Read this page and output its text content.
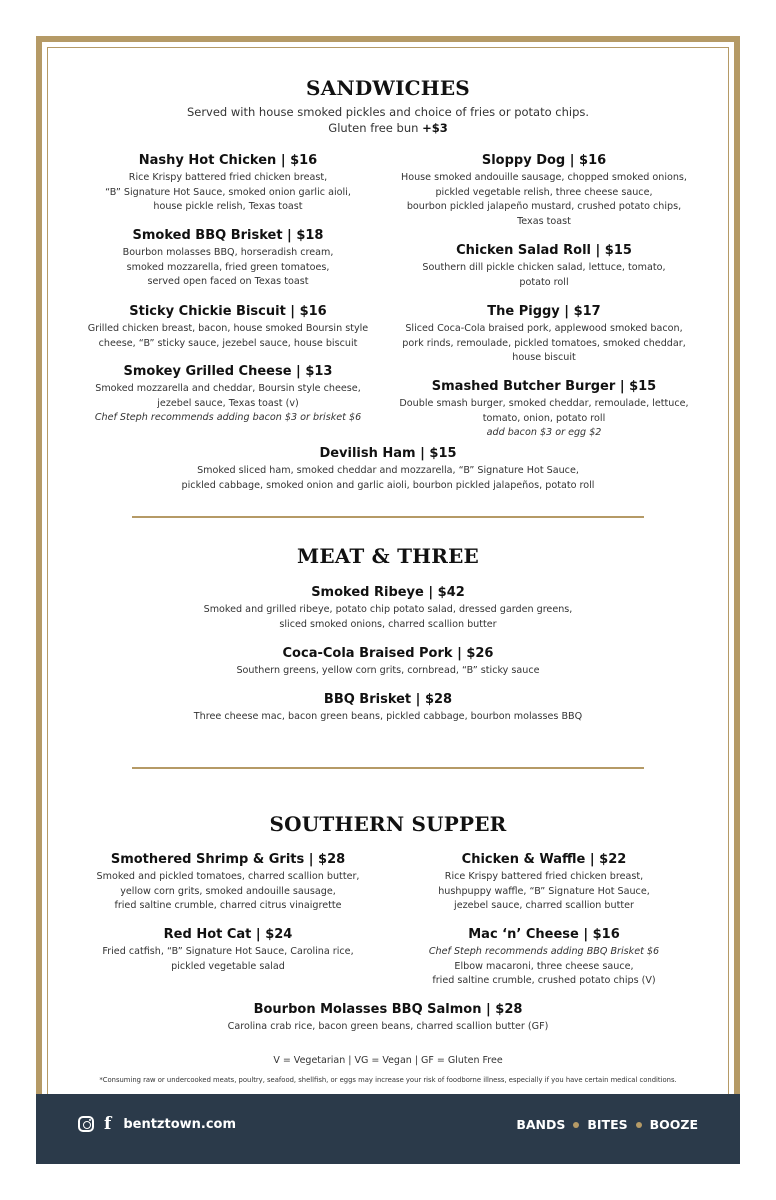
SANDWICHES
Served with house smoked pickles and choice of fries or potato chips.
Gluten free bun +$3
Nashy Hot Chicken | $16
Rice Krispy battered fried chicken breast,
“B” Signature Hot Sauce, smoked onion garlic aioli,
house pickle relish, Texas toast
Sloppy Dog | $16
House smoked andouille sausage, chopped smoked onions,
pickled vegetable relish, three cheese sauce,
bourbon pickled jalapeño mustard, crushed potato chips,
Texas toast
Smoked BBQ Brisket | $18
Bourbon molasses BBQ, horseradish cream,
smoked mozzarella, fried green tomatoes,
served open faced on Texas toast
Chicken Salad Roll | $15
Southern dill pickle chicken salad, lettuce, tomato,
potato roll
Sticky Chickie Biscuit | $16
Grilled chicken breast, bacon, house smoked Boursin style
cheese, “B” sticky sauce, jezebel sauce, house biscuit
The Piggy | $17
Sliced Coca-Cola braised pork, applewood smoked bacon,
pork rinds, remoulade, pickled tomatoes, smoked cheddar,
house biscuit
Smokey Grilled Cheese | $13
Smoked mozzarella and cheddar, Boursin style cheese,
jezebel sauce, Texas toast (v)
Chef Steph recommends adding bacon $3 or brisket $6
Smashed Butcher Burger | $15
Double smash burger, smoked cheddar, remoulade, lettuce,
tomato, onion, potato roll
add bacon $3 or egg $2
Devilish Ham | $15
Smoked sliced ham, smoked cheddar and mozzarella, “B” Signature Hot Sauce,
pickled cabbage, smoked onion and garlic aioli, bourbon pickled jalapeños, potato roll
MEAT & THREE
Smoked Ribeye | $42
Smoked and grilled ribeye, potato chip potato salad, dressed garden greens,
sliced smoked onions, charred scallion butter
Coca-Cola Braised Pork | $26
Southern greens, yellow corn grits, cornbread, “B” sticky sauce
BBQ Brisket | $28
Three cheese mac, bacon green beans, pickled cabbage, bourbon molasses BBQ
SOUTHERN SUPPER
Smothered Shrimp & Grits | $28
Smoked and pickled tomatoes, charred scallion butter,
yellow corn grits, smoked andouille sausage,
fried saltine crumble, charred citrus vinaigrette
Chicken & Waffle | $22
Rice Krispy battered fried chicken breast,
hushpuppy waffle, “B” Signature Hot Sauce,
jezebel sauce, charred scallion butter
Red Hot Cat | $24
Fried catfish, “B” Signature Hot Sauce, Carolina rice,
pickled vegetable salad
Mac ‘n’ Cheese | $16
Chef Steph recommends adding BBQ Brisket $6
Elbow macaroni, three cheese sauce,
fried saltine crumble, crushed potato chips (V)
Bourbon Molasses BBQ Salmon | $28
Carolina crab rice, bacon green beans, charred scallion butter (GF)
V = Vegetarian | VG = Vegan | GF = Gluten Free
*Consuming raw or undercooked meats, poultry, seafood, shellfish, or eggs may increase your risk of foodborne illness, especially if you have certain medical conditions.
f bentztown.com	BANDS BITES BOOZE
